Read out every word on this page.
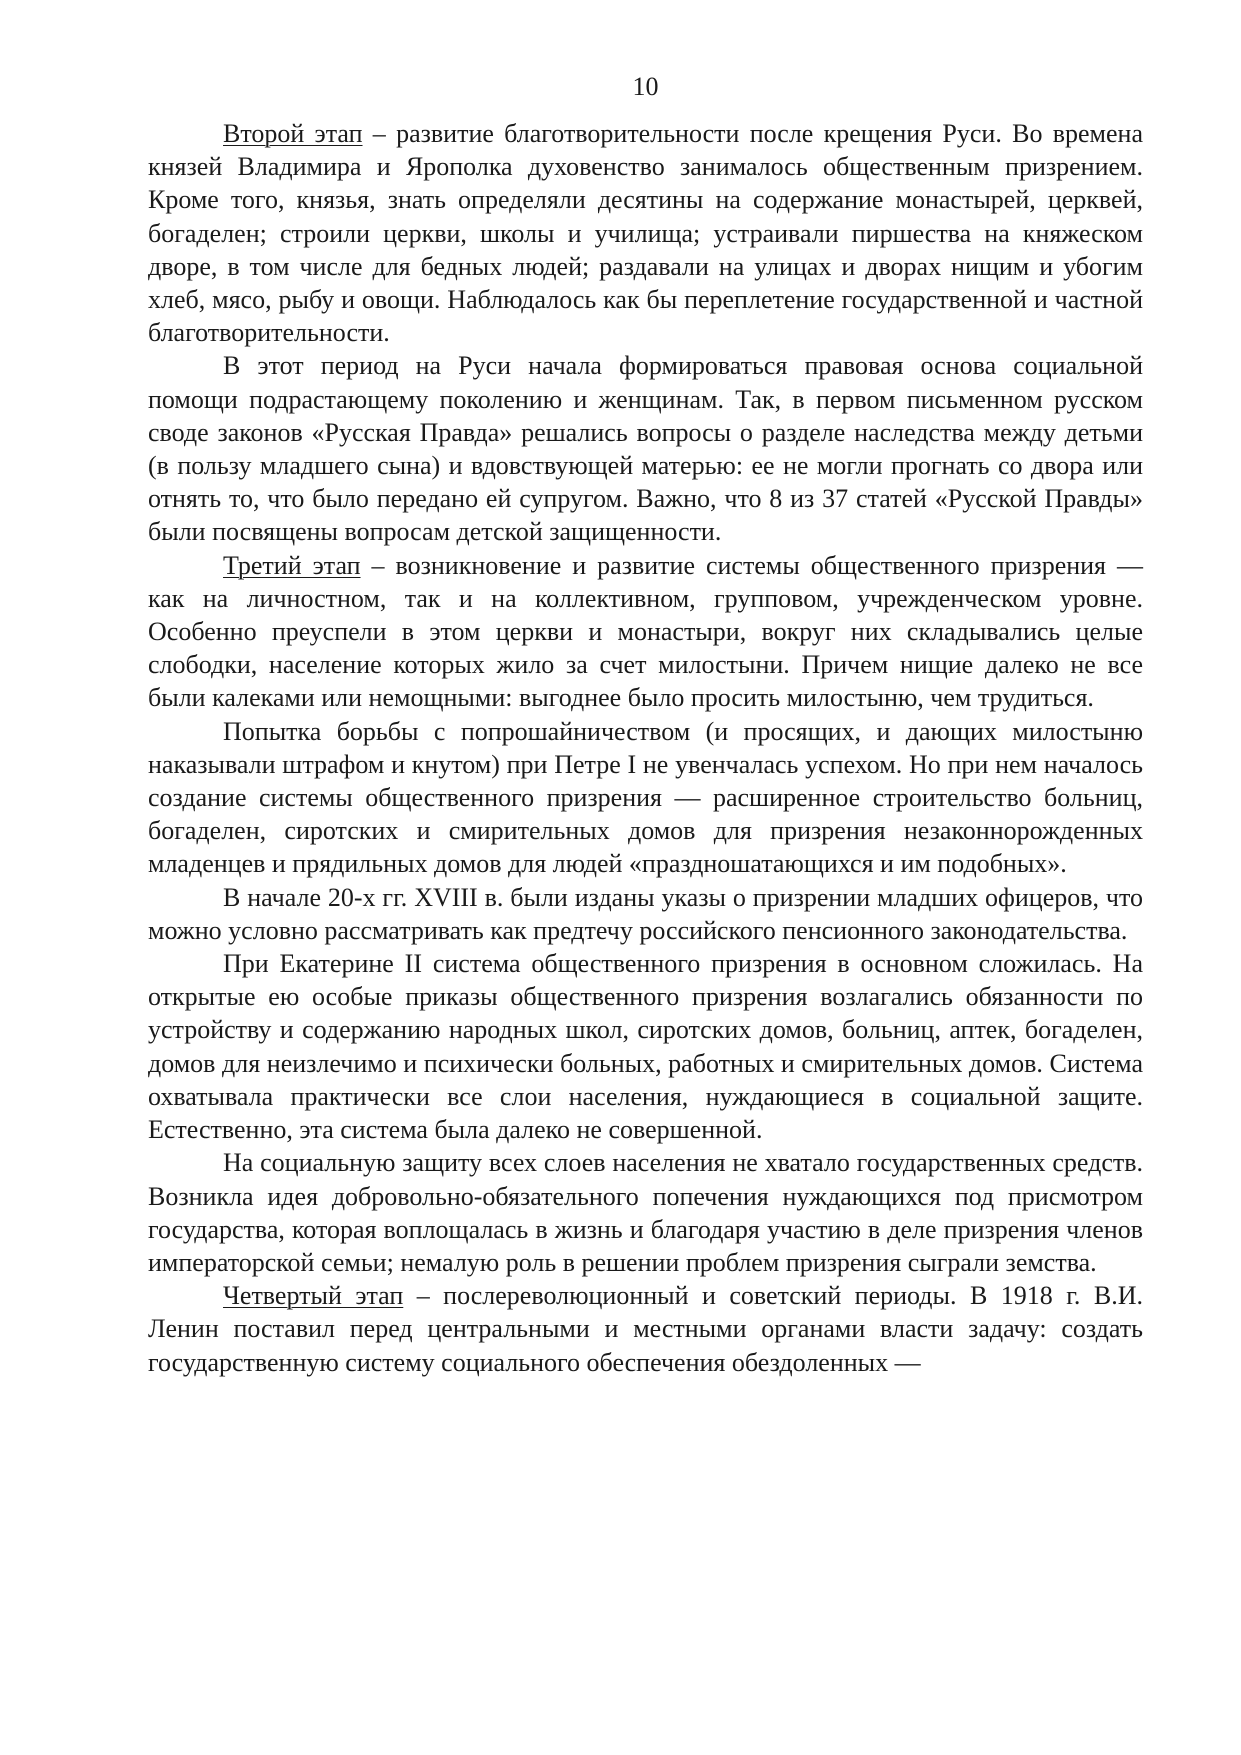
10

Второй этап – развитие благотворительности после крещения Руси. Во времена князей Владимира и Ярополка духовенство занималось общественным призрением. Кроме того, князья, знать определяли десятины на содержание монастырей, церквей, богаделен; строили церкви, школы и училища; устраивали пиршества на княжеском дворе, в том числе для бедных людей; раздавали на улицах и дворах нищим и убогим хлеб, мясо, рыбу и овощи. Наблюдалось как бы переплетение государственной и частной благотворительности.

В этот период на Руси начала формироваться правовая основа социальной помощи подрастающему поколению и женщинам. Так, в первом письменном русском своде законов «Русская Правда» решались вопросы о разделе наследства между детьми (в пользу младшего сына) и вдовствующей матерью: ее не могли прогнать со двора или отнять то, что было передано ей супругом. Важно, что 8 из 37 статей «Русской Правды» были посвящены вопросам детской защищенности.

Третий этап – возникновение и развитие системы общественного призрения — как на личностном, так и на коллективном, групповом, учрежденческом уровне. Особенно преуспели в этом церкви и монастыри, вокруг них складывались целые слободки, население которых жило за счет милостыни. Причем нищие далеко не все были калеками или немощными: выгоднее было просить милостыню, чем трудиться.

Попытка борьбы с попрошайничеством (и просящих, и дающих милостыню наказывали штрафом и кнутом) при Петре I не увенчалась успехом. Но при нем началось создание системы общественного призрения — расширенное строительство больниц, богаделен, сиротских и смирительных домов для призрения незаконнорожденных младенцев и прядильных домов для людей «праздношатающихся и им подобных».

В начале 20-х гг. XVIII в. были изданы указы о призрении младших офицеров, что можно условно рассматривать как предтечу российского пенсионного законодательства.

При Екатерине II система общественного призрения в основном сложилась. На открытые ею особые приказы общественного призрения возлагались обязанности по устройству и содержанию народных школ, сиротских домов, больниц, аптек, богаделен, домов для неизлечимо и психически больных, работных и смирительных домов. Система охватывала практически все слои населения, нуждающиеся в социальной защите. Естественно, эта система была далеко не совершенной.

На социальную защиту всех слоев населения не хватало государственных средств. Возникла идея добровольно-обязательного попечения нуждающихся под присмотром государства, которая воплощалась в жизнь и благодаря участию в деле призрения членов императорской семьи; немалую роль в решении проблем призрения сыграли земства.

Четвертый этап – послереволюционный и советский периоды. В 1918 г. В.И. Ленин поставил перед центральными и местными органами власти задачу: создать государственную систему социального обеспечения обездоленных —
